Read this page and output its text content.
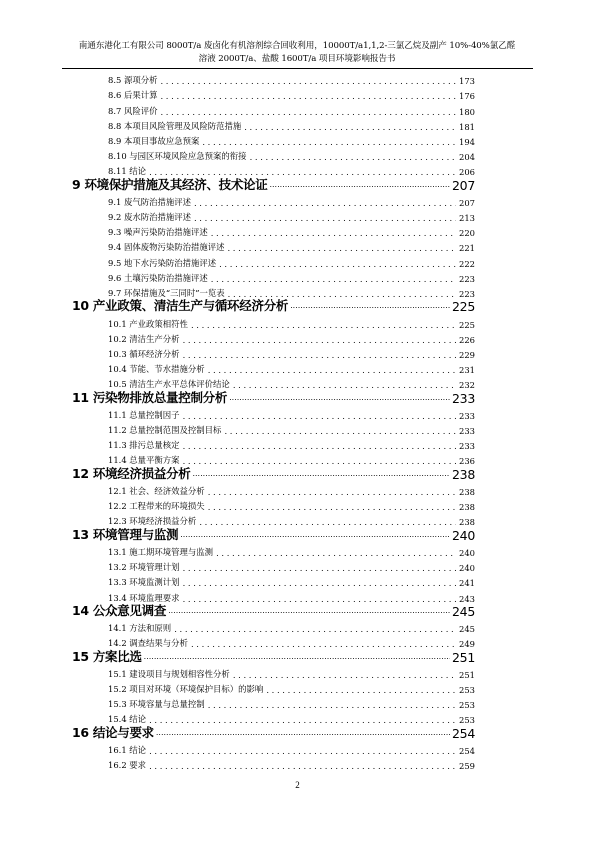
南通东港化工有限公司 8000T/a 废卤化有机溶剂综合回收利用，10000T/a1,1,2-三氯乙烷及副产 10%-40%氯乙醛
溶液 2000T/a、盐酸 1600T/a 项目环境影响报告书
8.5 源项分析 . . .	173
8.6 后果计算 . . .	176
8.7 风险评价 . . .	180
8.8 本项目风险管理及风险防范措施 . . .	181
8.9 本项目事故应急预案 . . .	194
8.10 与园区环境风险应急预案的衔接 . . .	204
8.11 结论 . . .	206
9 环境保护措施及其经济、技术论证 .....	207
9.1 废气防治措施评述 . . .	207
9.2 废水防治措施评述 . . .	213
9.3 噪声污染防治措施评述 . . .	220
9.4 固体废物污染防治措施评述 . . .	221
9.5 地下水污染防治措施评述 . . .	222
9.6 土壤污染防治措施评述 . . .	223
9.7 环保措施及“三同时”一览表 . . .	223
10 产业政策、清洁生产与循环经济分析 .....	225
10.1 产业政策相符性 . . .	225
10.2 清洁生产分析 . . .	226
10.3 循环经济分析 . . .	229
10.4 节能、节水措施分析 . . .	231
10.5 清洁生产水平总体评价结论 . . .	232
11 污染物排放总量控制分析 .....	233
11.1 总量控制因子 . . .	233
11.2 总量控制范围及控制目标 . . .	233
11.3 排污总量核定 . . .	233
11.4 总量平衡方案 . . .	236
12 环境经济损益分析 .....	238
12.1 社会、经济效益分析 . . .	238
12.2 工程带来的环境损失 . . .	238
12.3 环境经济损益分析 . . .	238
13 环境管理与监测 .....	240
13.1 施工期环境管理与监测 . . .	240
13.2 环境管理计划 . . .	240
13.3 环境监测计划 . . .	241
13.4 环境监理要求 . . .	243
14 公众意见调查 .....	245
14.1 方法和原则 . . .	245
14.2 调查结果与分析 . . .	249
15 方案比选 .....	251
15.1 建设项目与规划相容性分析 . . .	251
15.2 项目对环境（环境保护目标）的影响 . . .	253
15.3 环境容量与总量控制 . . .	253
15.4 结论 . . .	253
16 结论与要求 .....	254
16.1 结论 . . .	254
16.2 要求 . . .	259
2
